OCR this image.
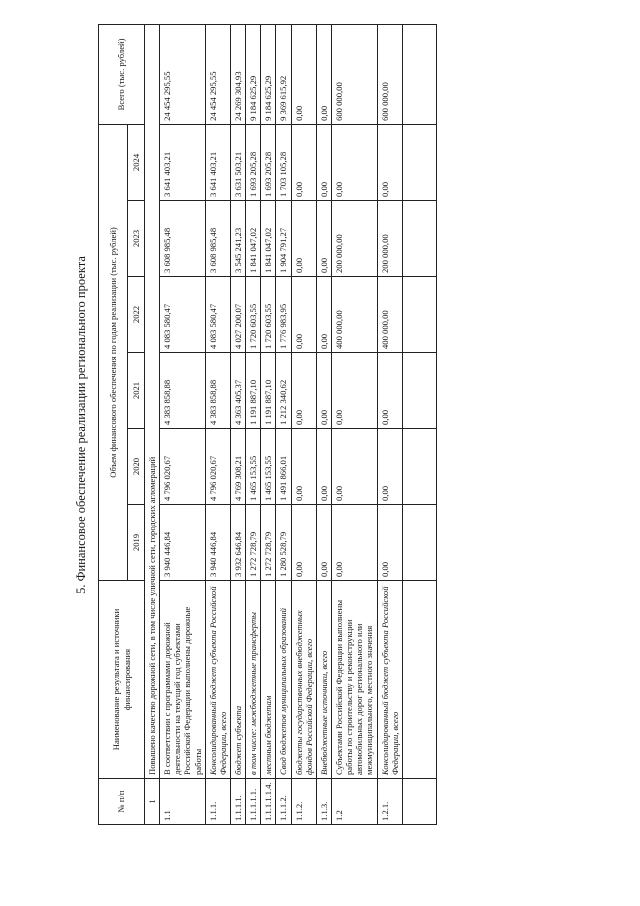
5. Финансовое обеспечение реализации регионального проекта
№ п/п	Наименование результата и источники финансирования	Объем финансового обеспечения по годам реализации (тыс. рублей)						Всего (тыс. рублей)
		2019	2020	2021	2022	2023	2024	
1	Повышено качество дорожной сети, в том числе уличной сети, городских агломераций							
1.1	В соответствии с программами дорожной деятельности на текущий год субъектами Российской Федерации выполнены дорожные работы	3 940 446,84	4 796 020,67	4 383 858,88	4 083 580,47	3 608 985,48	3 641 403,21	24 454 295,55
1.1.1.	Консолидированный бюджет субъекта Российской Федерации, всего	3 940 446,84	4 796 020,67	4 383 858,88	4 083 580,47	3 608 985,48	3 641 403,21	24 454 295,55
1.1.1.1.	бюджет субъекта	3 932 646,84	4 769 308,21	4 363 405,37	4 027 200,07	3 545 241,23	3 631 503,21	24 269 304,93
1.1.1.1.1.	в том числе: межбюджетные трансферты	1 272 728,79	1 465 153,55	1 191 887,10	1 720 603,55	1 841 047,02	1 693 205,28	9 184 625,29
1.1.1.1.1.4.	местным бюджетам	1 272 728,79	1 465 153,55	1 191 887,10	1 720 603,55	1 841 047,02	1 693 205,28	9 184 625,29
1.1.1.2.	Свод бюджетов муниципальных образований	1 280 528,79	1 491 866,01	1 212 340,62	1 776 983,95	1 904 791,27	1 703 105,28	9 369 615,92
1.1.2.	бюджеты государственных внебюджетных фондов Российской Федерации, всего	0,00	0,00	0,00	0,00	0,00	0,00	0,00
1.1.3.	Внебюджетные источники, всего	0,00	0,00	0,00	0,00	0,00	0,00	0,00
1.2	Субъектами Российской Федерации выполнены работы по строительству и реконструкции автомобильных дорог регионального или межмуниципального, местного значения	0,00	0,00	0,00	400 000,00	200 000,00	0,00	600 000,00
1.2.1.	Консолидированный бюджет субъекта Российской Федерации, всего	0,00	0,00	0,00	400 000,00	200 000,00	0,00	600 000,00
